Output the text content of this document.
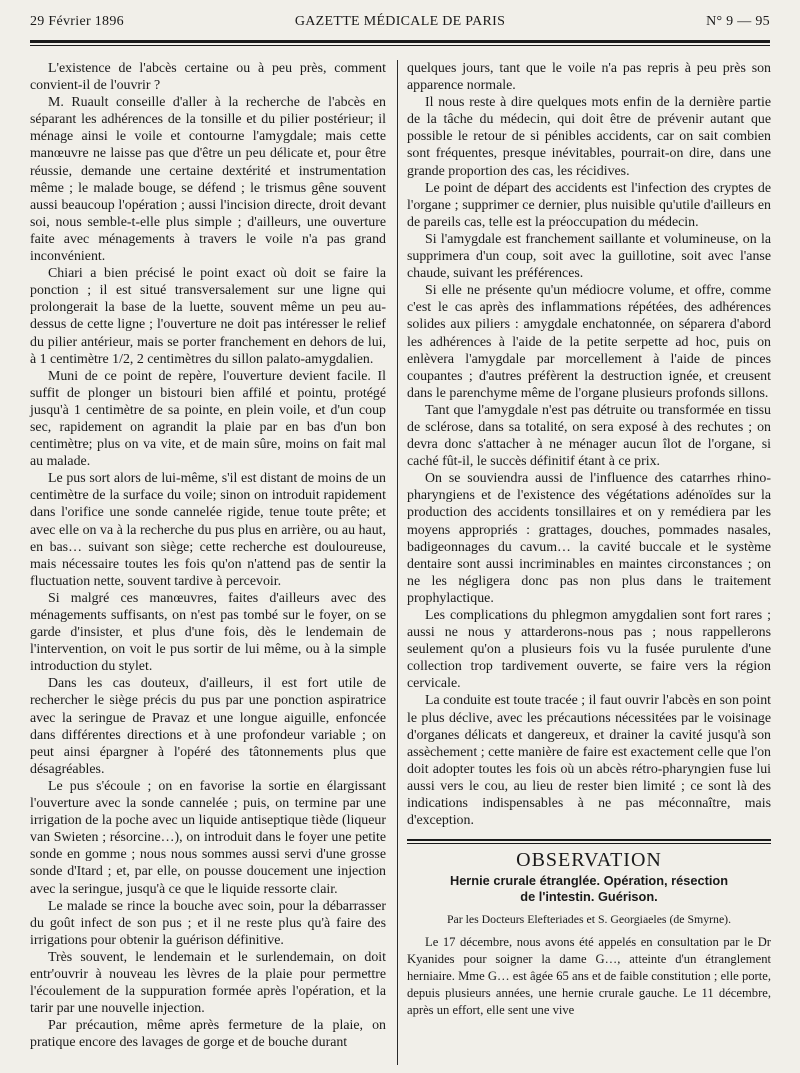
29 Février 1896	GAZETTE MÉDICALE DE PARIS	N° 9 — 95

L'existence de l'abcès certaine ou à peu près, comment convient-il de l'ouvrir ?

M. Ruault conseille d'aller à la recherche de l'abcès en séparant les adhérences de la tonsille et du pilier postérieur; il ménage ainsi le voile et contourne l'amygdale; mais cette manœuvre ne laisse pas que d'être un peu délicate et, pour être réussie, demande une certaine dextérité et instrumentation même ; le malade bouge, se défend ; le trismus gêne souvent aussi beaucoup l'opération ; aussi l'incision directe, droit devant soi, nous semble-t-elle plus simple ; d'ailleurs, une ouverture faite avec ménagements à travers le voile n'a pas grand inconvénient.

Chiari a bien précisé le point exact où doit se faire la ponction ; il est situé transversalement sur une ligne qui prolongerait la base de la luette, souvent même un peu au-dessus de cette ligne ; l'ouverture ne doit pas intéresser le relief du pilier antérieur, mais se porter franchement en dehors de lui, à 1 centimètre 1/2, 2 centimètres du sillon palato-amygdalien.

Muni de ce point de repère, l'ouverture devient facile. Il suffit de plonger un bistouri bien affilé et pointu, protégé jusqu'à 1 centimètre de sa pointe, en plein voile, et d'un coup sec, rapidement on agrandit la plaie par en bas d'un bon centimètre; plus on va vite, et de main sûre, moins on fait mal au malade.

Le pus sort alors de lui-même, s'il est distant de moins de un centimètre de la surface du voile; sinon on introduit rapidement dans l'orifice une sonde cannelée rigide, tenue toute prête; et avec elle on va à la recherche du pus plus en arrière, ou au haut, en bas… suivant son siège; cette recherche est douloureuse, mais nécessaire toutes les fois qu'on n'attend pas de sentir la fluctuation nette, souvent tardive à percevoir.

Si malgré ces manœuvres, faites d'ailleurs avec des ménagements suffisants, on n'est pas tombé sur le foyer, on se garde d'insister, et plus d'une fois, dès le lendemain de l'intervention, on voit le pus sortir de lui même, ou à la simple introduction du stylet.

Dans les cas douteux, d'ailleurs, il est fort utile de rechercher le siège précis du pus par une ponction aspiratrice avec la seringue de Pravaz et une longue aiguille, enfoncée dans différentes directions et à une profondeur variable ; on peut ainsi épargner à l'opéré des tâtonnements plus que désagréables.

Le pus s'écoule ; on en favorise la sortie en élargissant l'ouverture avec la sonde cannelée ; puis, on termine par une irrigation de la poche avec un liquide antiseptique tiède (liqueur van Swieten ; résorcine…), on introduit dans le foyer une petite sonde en gomme ; nous nous sommes aussi servi d'une grosse sonde d'Itard ; et, par elle, on pousse doucement une injection avec la seringue, jusqu'à ce que le liquide ressorte clair.

Le malade se rince la bouche avec soin, pour la débarrasser du goût infect de son pus ; et il ne reste plus qu'à faire des irrigations pour obtenir la guérison définitive.

Très souvent, le lendemain et le surlendemain, on doit entr'ouvrir à nouveau les lèvres de la plaie pour permettre l'écoulement de la suppuration formée après l'opération, et la tarir par une nouvelle injection.

Par précaution, même après fermeture de la plaie, on pratique encore des lavages de gorge et de bouche durant

quelques jours, tant que le voile n'a pas repris à peu près son apparence normale.

Il nous reste à dire quelques mots enfin de la dernière partie de la tâche du médecin, qui doit être de prévenir autant que possible le retour de si pénibles accidents, car on sait combien sont fréquentes, presque inévitables, pourrait-on dire, dans une grande proportion des cas, les récidives.

Le point de départ des accidents est l'infection des cryptes de l'organe ; supprimer ce dernier, plus nuisible qu'utile d'ailleurs en de pareils cas, telle est la préoccupation du médecin.

Si l'amygdale est franchement saillante et volumineuse, on la supprimera d'un coup, soit avec la guillotine, soit avec l'anse chaude, suivant les préférences.

Si elle ne présente qu'un médiocre volume, et offre, comme c'est le cas après des inflammations répétées, des adhérences solides aux piliers : amygdale enchatonnée, on séparera d'abord les adhérences à l'aide de la petite serpette ad hoc, puis on enlèvera l'amygdale par morcellement à l'aide de pinces coupantes ; d'autres préfèrent la destruction ignée, et creusent dans le parenchyme même de l'organe plusieurs profonds sillons.

Tant que l'amygdale n'est pas détruite ou transformée en tissu de sclérose, dans sa totalité, on sera exposé à des rechutes ; on devra donc s'attacher à ne ménager aucun îlot de l'organe, si caché fût-il, le succès définitif étant à ce prix.

On se souviendra aussi de l'influence des catarrhes rhino-pharyngiens et de l'existence des végétations adénoïdes sur la production des accidents tonsillaires et on y remédiera par les moyens appropriés : grattages, douches, pommades nasales, badigeonnages du cavum… la cavité buccale et le système dentaire sont aussi incriminables en maintes circonstances ; on ne les négligera donc pas non plus dans le traitement prophylactique.

Les complications du phlegmon amygdalien sont fort rares ; aussi ne nous y attarderons-nous pas ; nous rappellerons seulement qu'on a plusieurs fois vu la fusée purulente d'une collection trop tardivement ouverte, se faire vers la région cervicale.

La conduite est toute tracée ; il faut ouvrir l'abcès en son point le plus déclive, avec les précautions nécessitées par le voisinage d'organes délicats et dangereux, et drainer la cavité jusqu'à son assèchement ; cette manière de faire est exactement celle que l'on doit adopter toutes les fois où un abcès rétro-pharyngien fuse lui aussi vers le cou, au lieu de rester bien limité ; ce sont là des indications indispensables à ne pas méconnaître, mais d'exception.

OBSERVATION
Hernie crurale étranglée. Opération, résection
de l'intestin. Guérison.
Par les Docteurs Elefteriades et S. Georgiaeles (de Smyrne).

Le 17 décembre, nous avons été appelés en consultation par le Dr Kyanides pour soigner la dame G…, atteinte d'un étranglement herniaire. Mme G… est âgée 65 ans et de faible constitution ; elle porte, depuis plusieurs années, une hernie crurale gauche. Le 11 décembre, après un effort, elle sent une vive
